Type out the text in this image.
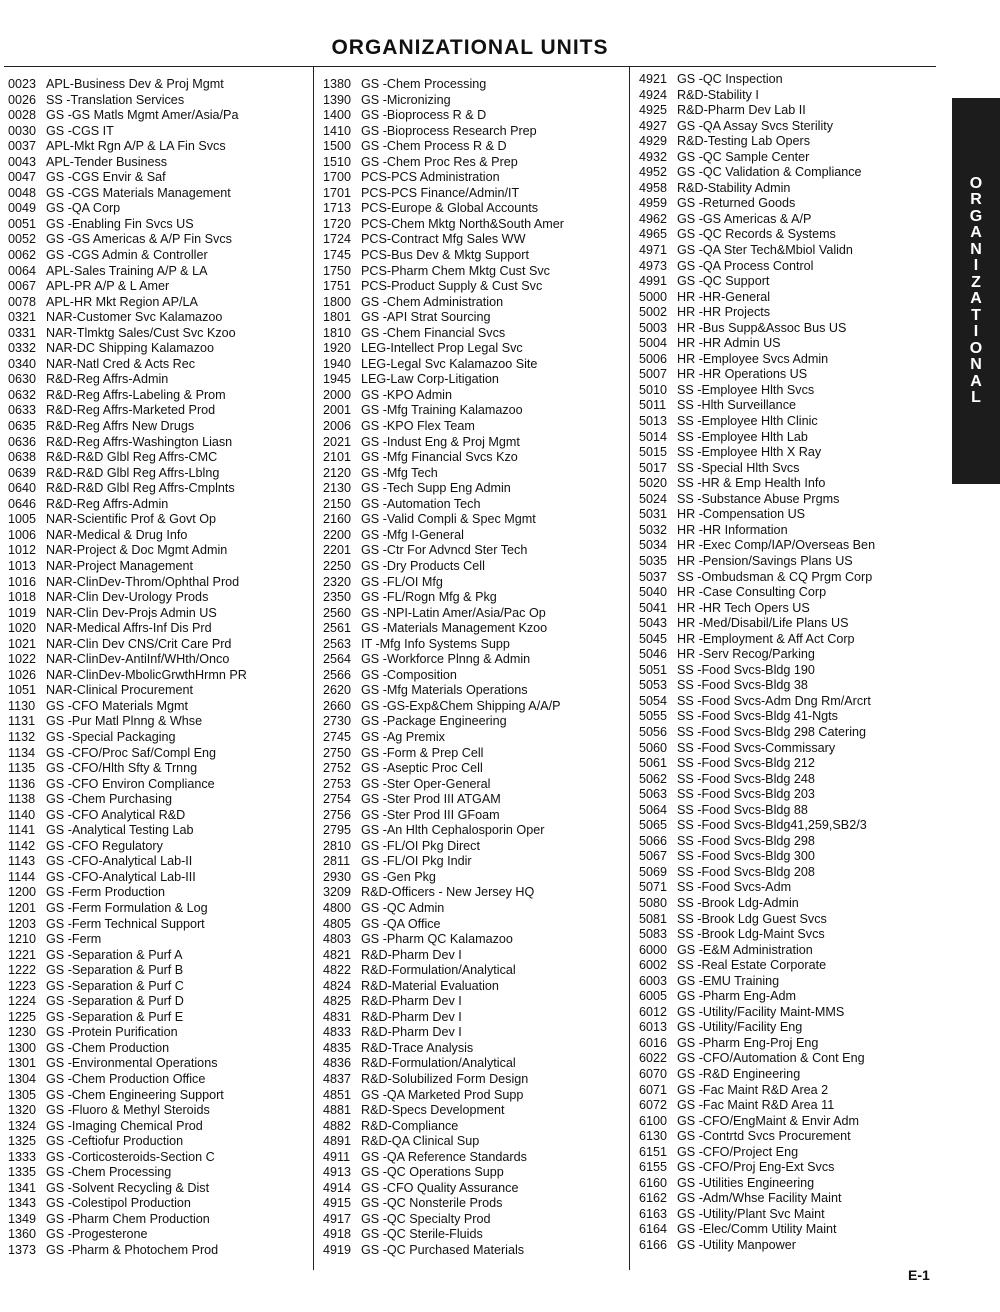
ORGANIZATIONAL UNITS
0023 APL-Business Dev & Proj Mgmt
0026 SS -Translation Services
0028 GS -GS Matls Mgmt Amer/Asia/Pa
0030 GS -CGS IT
0037 APL-Mkt Rgn A/P & LA Fin Svcs
0043 APL-Tender Business
0047 GS -CGS Envir & Saf
0048 GS -CGS Materials Management
0049 GS -QA Corp
0051 GS -Enabling Fin Svcs US
0052 GS -GS Americas & A/P Fin Svcs
0062 GS -CGS Admin & Controller
0064 APL-Sales Training A/P & LA
0067 APL-PR A/P & L Amer
0078 APL-HR Mkt Region AP/LA
0321 NAR-Customer Svc Kalamazoo
0331 NAR-Tlmktg Sales/Cust Svc Kzoo
0332 NAR-DC Shipping Kalamazoo
0340 NAR-Natl Cred & Acts Rec
0630 R&D-Reg Affrs-Admin
0632 R&D-Reg Affrs-Labeling & Prom
0633 R&D-Reg Affrs-Marketed Prod
0635 R&D-Reg Affrs New Drugs
0636 R&D-Reg Affrs-Washington Liasn
0638 R&D-R&D Glbl Reg Affrs-CMC
0639 R&D-R&D Glbl Reg Affrs-Lblng
0640 R&D-R&D Glbl Reg Affrs-Cmplnts
0646 R&D-Reg Affrs-Admin
1005 NAR-Scientific Prof & Govt Op
1006 NAR-Medical & Drug Info
1012 NAR-Project & Doc Mgmt Admin
1013 NAR-Project Management
1016 NAR-ClinDev-Throm/Ophthal Prod
1018 NAR-Clin Dev-Urology Prods
1019 NAR-Clin Dev-Projs Admin US
1020 NAR-Medical Affrs-Inf Dis Prd
1021 NAR-Clin Dev CNS/Crit Care Prd
1022 NAR-ClinDev-AntiInf/WHth/Onco
1026 NAR-ClinDev-MbolicGrwthHrmn PR
1051 NAR-Clinical Procurement
1130 GS -CFO Materials Mgmt
1131 GS -Pur Matl Plnng & Whse
1132 GS -Special Packaging
1134 GS -CFO/Proc Saf/Compl Eng
1135 GS -CFO/Hlth Sfty & Trnng
1136 GS -CFO Environ Compliance
1138 GS -Chem Purchasing
1140 GS -CFO Analytical R&D
1141 GS -Analytical Testing Lab
1142 GS -CFO Regulatory
1143 GS -CFO-Analytical Lab-II
1144 GS -CFO-Analytical Lab-III
1200 GS -Ferm Production
1201 GS -Ferm Formulation & Log
1203 GS -Ferm Technical Support
1210 GS -Ferm
1221 GS -Separation & Purf A
1222 GS -Separation & Purf B
1223 GS -Separation & Purf C
1224 GS -Separation & Purf D
1225 GS -Separation & Purf E
1230 GS -Protein Purification
1300 GS -Chem Production
1301 GS -Environmental Operations
1304 GS -Chem Production Office
1305 GS -Chem Engineering Support
1320 GS -Fluoro & Methyl Steroids
1324 GS -Imaging Chemical Prod
1325 GS -Ceftiofur Production
1333 GS -Corticosteroids-Section C
1335 GS -Chem Processing
1341 GS -Solvent Recycling & Dist
1343 GS -Colestipol Production
1349 GS -Pharm Chem Production
1360 GS -Progesterone
1373 GS -Pharm & Photochem Prod
1380 GS -Chem Processing
1390 GS -Micronizing
1400 GS -Bioprocess R & D
1410 GS -Bioprocess Research Prep
1500 GS -Chem Process R & D
1510 GS -Chem Proc Res & Prep
1700 PCS-PCS Administration
1701 PCS-PCS Finance/Admin/IT
1713 PCS-Europe & Global Accounts
1720 PCS-Chem Mktg North&South Amer
1724 PCS-Contract Mfg Sales WW
1745 PCS-Bus Dev & Mktg Support
1750 PCS-Pharm Chem Mktg Cust Svc
1751 PCS-Product Supply & Cust Svc
1800 GS -Chem Administration
1801 GS -API Strat Sourcing
1810 GS -Chem Financial Svcs
1920 LEG-Intellect Prop Legal Svc
1940 LEG-Legal Svc Kalamazoo Site
1945 LEG-Law Corp-Litigation
2000 GS -KPO Admin
2001 GS -Mfg Training Kalamazoo
2006 GS -KPO Flex Team
2021 GS -Indust Eng & Proj Mgmt
2101 GS -Mfg Financial Svcs Kzo
2120 GS -Mfg Tech
2130 GS -Tech Supp Eng Admin
2150 GS -Automation Tech
2160 GS -Valid Compli & Spec Mgmt
2200 GS -Mfg I-General
2201 GS -Ctr For Advncd Ster Tech
2250 GS -Dry Products Cell
2320 GS -FL/OI Mfg
2350 GS -FL/Rogn Mfg & Pkg
2560 GS -NPI-Latin Amer/Asia/Pac Op
2561 GS -Materials Management Kzoo
2563 IT -Mfg Info Systems Supp
2564 GS -Workforce Plnng & Admin
2566 GS -Composition
2620 GS -Mfg Materials Operations
2660 GS -GS-Exp&Chem Shipping A/A/P
2730 GS -Package Engineering
2745 GS -Ag Premix
2750 GS -Form & Prep Cell
2752 GS -Aseptic Proc Cell
2753 GS -Ster Oper-General
2754 GS -Ster Prod III ATGAM
2756 GS -Ster Prod III GFoam
2795 GS -An Hlth Cephalosporin Oper
2810 GS -FL/OI Pkg Direct
2811 GS -FL/OI Pkg Indir
2930 GS -Gen Pkg
3209 R&D-Officers - New Jersey HQ
4800 GS -QC Admin
4805 GS -QA Office
4803 GS -Pharm QC Kalamazoo
4821 R&D-Pharm Dev I
4822 R&D-Formulation/Analytical
4824 R&D-Material Evaluation
4825 R&D-Pharm Dev I
4831 R&D-Pharm Dev I
4833 R&D-Pharm Dev I
4835 R&D-Trace Analysis
4836 R&D-Formulation/Analytical
4837 R&D-Solubilized Form Design
4851 GS -QA Marketed Prod Supp
4881 R&D-Specs Development
4882 R&D-Compliance
4891 R&D-QA Clinical Sup
4911 GS -QA Reference Standards
4913 GS -QC Operations Supp
4914 GS -CFO Quality Assurance
4915 GS -QC Nonsterile Prods
4917 GS -QC Specialty Prod
4918 GS -QC Sterile-Fluids
4919 GS -QC Purchased Materials
4921 GS -QC Inspection
4924 R&D-Stability I
4925 R&D-Pharm Dev Lab II
4927 GS -QA Assay Svcs Sterility
4929 R&D-Testing Lab Opers
4932 GS -QC Sample Center
4952 GS -QC Validation & Compliance
4958 R&D-Stability Admin
4959 GS -Returned Goods
4962 GS -GS Americas & A/P
4965 GS -QC Records & Systems
4971 GS -QA Ster Tech&Mbiol Validn
4973 GS -QA Process Control
4991 GS -QC Support
5000 HR -HR-General
5002 HR -HR Projects
5003 HR -Bus Supp&Assoc Bus US
5004 HR -HR Admin US
5006 HR -Employee Svcs Admin
5007 HR -HR Operations US
5010 SS -Employee Hlth Svcs
5011 SS -Hlth Surveillance
5013 SS -Employee Hlth Clinic
5014 SS -Employee Hlth Lab
5015 SS -Employee Hlth X Ray
5017 SS -Special Hlth Svcs
5020 SS -HR & Emp Health Info
5024 SS -Substance Abuse Prgms
5031 HR -Compensation US
5032 HR -HR Information
5034 HR -Exec Comp/IAP/Overseas Ben
5035 HR -Pension/Savings Plans US
5037 SS -Ombudsman & CQ Prgm Corp
5040 HR -Case Consulting Corp
5041 HR -HR Tech Opers US
5043 HR -Med/Disabil/Life Plans US
5045 HR -Employment & Aff Act Corp
5046 HR -Serv Recog/Parking
5051 SS -Food Svcs-Bldg 190
5053 SS -Food Svcs-Bldg 38
5054 SS -Food Svcs-Adm Dng Rm/Arcrt
5055 SS -Food Svcs-Bldg 41-Ngts
5056 SS -Food Svcs-Bldg 298 Catering
5060 SS -Food Svcs-Commissary
5061 SS -Food Svcs-Bldg 212
5062 SS -Food Svcs-Bldg 248
5063 SS -Food Svcs-Bldg 203
5064 SS -Food Svcs-Bldg 88
5065 SS -Food Svcs-Bldg41,259,SB2/3
5066 SS -Food Svcs-Bldg 298
5067 SS -Food Svcs-Bldg 300
5069 SS -Food Svcs-Bldg 208
5071 SS -Food Svcs-Adm
5080 SS -Brook Ldg-Admin
5081 SS -Brook Ldg Guest Svcs
5083 SS -Brook Ldg-Maint Svcs
6000 GS -E&M Administration
6002 SS -Real Estate Corporate
6003 GS -EMU Training
6005 GS -Pharm Eng-Adm
6012 GS -Utility/Facility Maint-MMS
6013 GS -Utility/Facility Eng
6016 GS -Pharm Eng-Proj Eng
6022 GS -CFO/Automation & Cont Eng
6070 GS -R&D Engineering
6071 GS -Fac Maint R&D Area 2
6072 GS -Fac Maint R&D Area 11
6100 GS -CFO/EngMaint & Envir Adm
6130 GS -Contrtd Svcs Procurement
6151 GS -CFO/Project Eng
6155 GS -CFO/Proj Eng-Ext Svcs
6160 GS -Utilities Engineering
6162 GS -Adm/Whse Facility Maint
6163 GS -Utility/Plant Svc Maint
6164 GS -Elec/Comm Utility Maint
6166 GS -Utility Manpower
O
R
G
A
N
I
Z
A
T
I
O
N
A
L
E-1
